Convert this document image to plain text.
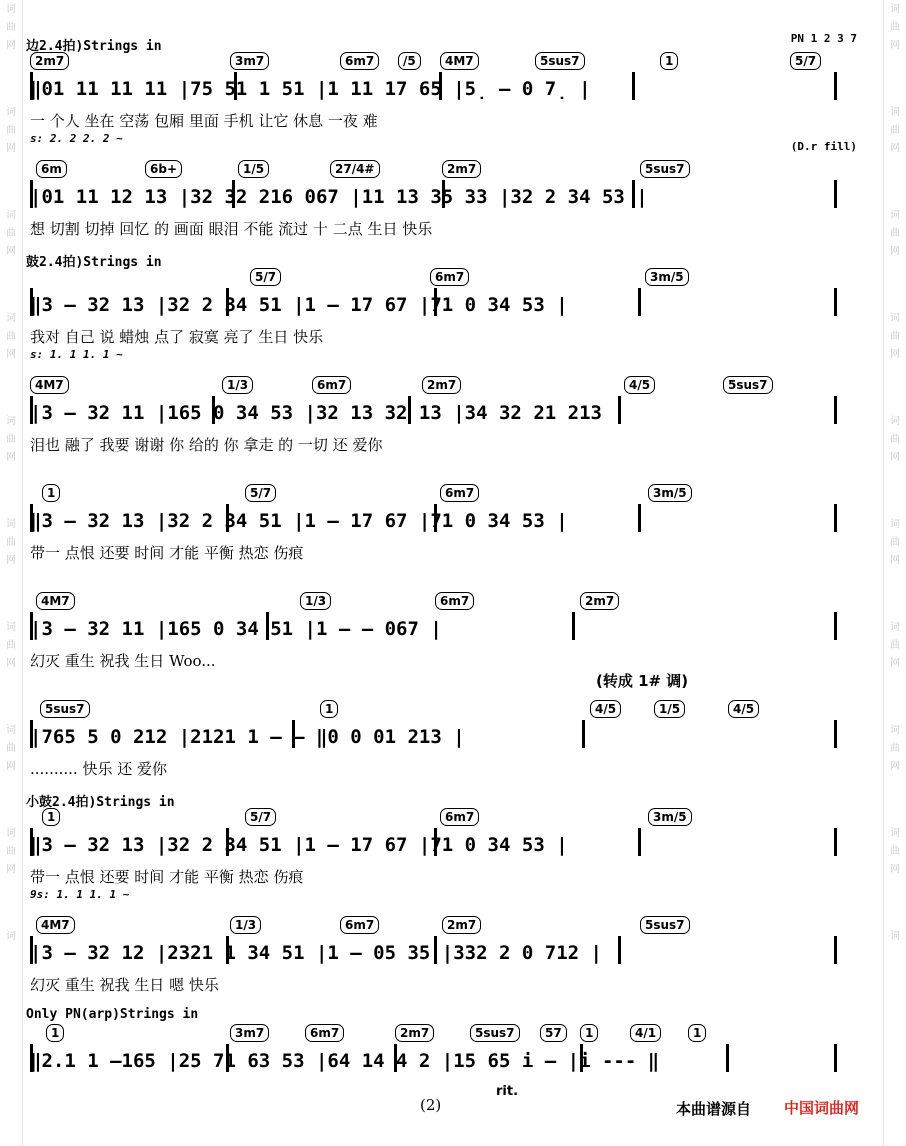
词
曲
网
词
曲
网
词
曲
网
词
曲
网
词
曲
网
词
曲
网
词
曲
网
词
曲
网
词
曲
网
词
词
曲
网
词
曲
网
词
曲
网
词
曲
网
词
曲
网
词
曲
网
词
曲
网
词
曲
网
词
曲
网
词
边2.4拍)Strings in
PN 1 2 3 7
2m7	3m7	6m7	/5	4M7	5sus7	1	5/7
‖01 11 11 11 |75 51 1 51 |1 11 17 65 |5̣ – 0 7̣ |
一 个人 坐在 空荡 包厢 里面 手机 让它 休息 一夜 难
s: 2. 2 2. 2 ~
(D.r fill)
6m	6b+	1/5	27/4#	2m7	5sus7
|01 11 12 13 |32 32 216 067 |11 13 35 33 |32 2 34 53 |
想 切割 切掉 回忆 的 画面 眼泪 不能 流过 十 二点 生日 快乐
鼓2.4拍)Strings in
5/7	6m7	3m/5
‖3 – 32 13 |32 2 34 51 |1 – 17 67 |71 0 34 53 |
我对 自己 说 蜡烛 点了 寂寞 亮了 生日 快乐
s: 1. 1 1. 1 ~
4M7	1/3	6m7	2m7	4/5	5sus7
|3 – 32 11 |165 0 34 53 |32 13 32 13 |34 32 21 213 |
泪也 融了 我要 谢谢 你 给的 你 拿走 的 一切 还 爱你
1	5/7	6m7	3m/5
‖3 – 32 13 |32 2 34 51 |1 – 17 67 |71 0 34 53 |
带一 点恨 还要 时间 才能 平衡 热恋 伤痕
4M7	1/3	6m7	2m7
|3 – 32 11 |165 0 34 51 |1 – – 067 |
幻灭 重生 祝我 生日 Woo...
(转成 1# 调)
5sus7	1	4/5	1/5	4/5
|765 5 0 212 |2121 1 – – ‖0 0 01 213 |
.......... 快乐 还 爱你
小鼓2.4拍)Strings in
1	5/7	6m7	3m/5
‖3 – 32 13 |32 2 34 51 |1 – 17 67 |71 0 34 53 |
带一 点恨 还要 时间 才能 平衡 热恋 伤痕
9s: 1. 1 1. 1 ~
4M7	1/3	6m7	2m7	5sus7
|3 – 32 12 |2321 1 34 51 |1 – 05 35 |332 2 0 712 |
幻灭 重生 祝我 生日 嗯 快乐
Only PN(arp)Strings in
1	3m7	6m7	2m7	5sus7	57	1	4/1	1
‖2.1 1 –165 |25 71 63 53 |64 14 4 2 |15 65 i – |i --- ‖
rit.
(2)	本曲谱源自 中国词曲网
